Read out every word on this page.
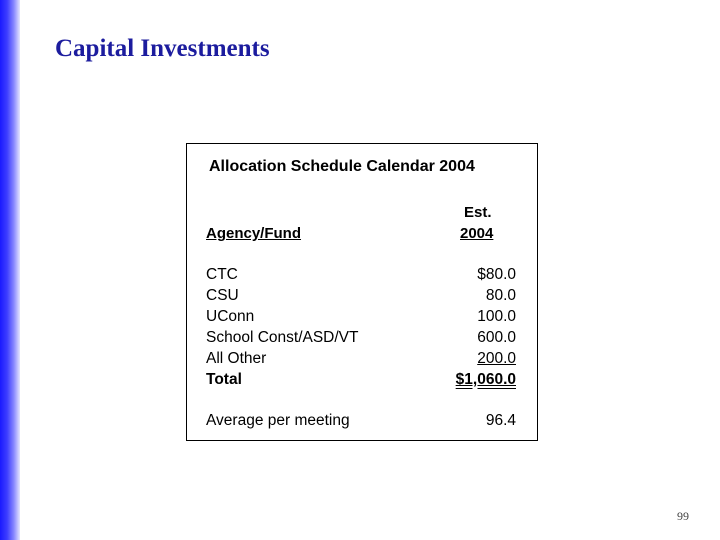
Capital Investments
Allocation Schedule Calendar 2004
Est.
Agency/Fund	2004
CTC	$80.0
CSU	80.0
UConn	100.0
School Const/ASD/VT	600.0
All Other	200.0
Total	$1,060.0
Average per meeting	96.4
99
